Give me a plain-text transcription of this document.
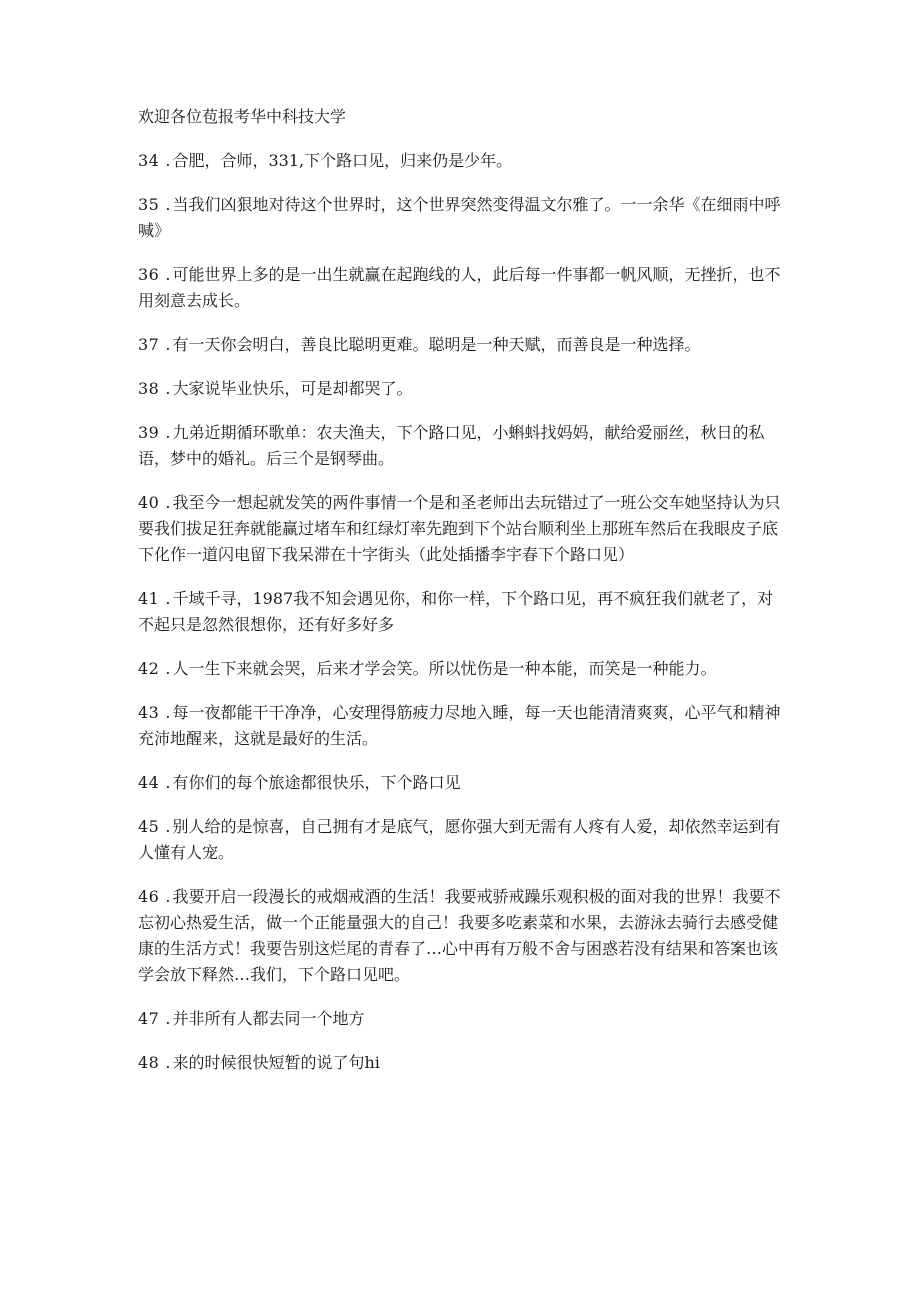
欢迎各位苞报考华中科技大学

34 . 合肥，合师，331,下个路口见，归来仍是少年。

35 . 当我们凶狠地对待这个世界时，这个世界突然变得温文尔雅了。一一余华《在细雨中呼喊》

36 . 可能世界上多的是一出生就赢在起跑线的人，此后每一件事都一帆风顺，无挫折，也不用刻意去成长。

37 . 有一天你会明白，善良比聪明更难。聪明是一种天赋，而善良是一种选择。

38 . 大家说毕业快乐，可是却都哭了。

39 . 九弟近期循环歌单：农夫渔夫，下个路口见，小蝌蚪找妈妈，献给爱丽丝，秋日的私语，梦中的婚礼。后三个是钢琴曲。

40 . 我至今一想起就发笑的两件事情一个是和圣老师出去玩错过了一班公交车她坚持认为只要我们拔足狂奔就能赢过堵车和红绿灯率先跑到下个站台顺利坐上那班车然后在我眼皮子底下化作一道闪电留下我呆滞在十字街头（此处插播李宇春下个路口见）

41 . 千域千寻，1987我不知会遇见你，和你一样，下个路口见，再不疯狂我们就老了，对不起只是忽然很想你，还有好多好多

42 . 人一生下来就会哭，后来才学会笑。所以忧伤是一种本能，而笑是一种能力。

43 . 每一夜都能干干净净，心安理得筋疲力尽地入睡，每一天也能清清爽爽，心平气和精神充沛地醒来，这就是最好的生活。

44 . 有你们的每个旅途都很快乐，下个路口见

45 . 别人给的是惊喜，自己拥有才是底气，愿你强大到无需有人疼有人爱，却依然幸运到有人懂有人宠。

46 . 我要开启一段漫长的戒烟戒酒的生活！我要戒骄戒躁乐观积极的面对我的世界！我要不忘初心热爱生活，做一个正能量强大的自己！我要多吃素菜和水果，去游泳去骑行去感受健康的生活方式！我要告别这烂尾的青春了…心中再有万般不舍与困惑若没有结果和答案也该学会放下释然…我们，下个路口见吧。

47 . 并非所有人都去同一个地方

48 . 来的时候很快短暂的说了句hi
